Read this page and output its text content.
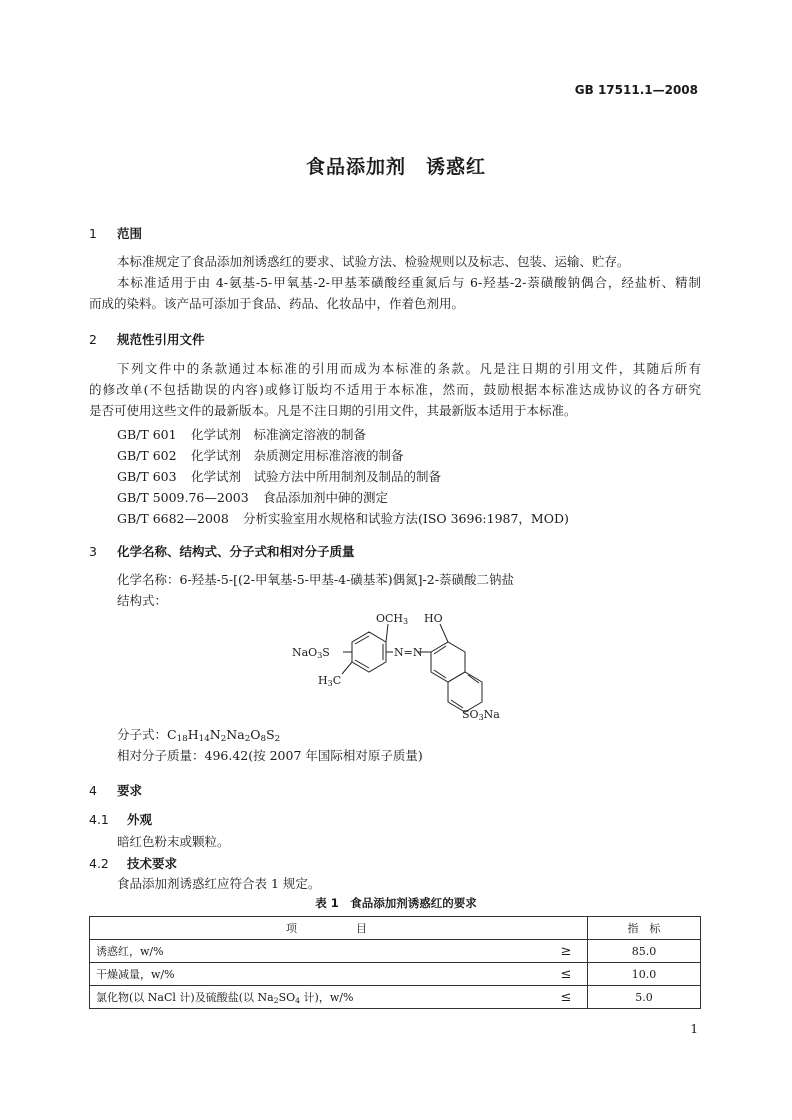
GB 17511.1—2008
食品添加剂　诱惑红
1 范围
本标准规定了食品添加剂诱惑红的要求、试验方法、检验规则以及标志、包装、运输、贮存。
本标准适用于由 4-氨基-5-甲氧基-2-甲基苯磺酸经重氮后与 6-羟基-2-萘磺酸钠偶合，经盐析、精制
而成的染料。该产品可添加于食品、药品、化妆品中，作着色剂用。
2 规范性引用文件
下列文件中的条款通过本标准的引用而成为本标准的条款。凡是注日期的引用文件，其随后所有
的修改单(不包括勘误的内容)或修订版均不适用于本标准，然而，鼓励根据本标准达成协议的各方研究
是否可使用这些文件的最新版本。凡是不注日期的引用文件，其最新版本适用于本标准。
GB/T 601 化学试剂　标准滴定溶液的制备
GB/T 602 化学试剂　杂质测定用标准溶液的制备
GB/T 603 化学试剂　试验方法中所用制剂及制品的制备
GB/T 5009.76—2003 食品添加剂中砷的测定
GB/T 6682—2008 分析实验室用水规格和试验方法(ISO 3696:1987，MOD)
3 化学名称、结构式、分子式和相对分子质量
化学名称：6-羟基-5-[(2-甲氧基-5-甲基-4-磺基苯)偶氮]-2-萘磺酸二钠盐
结构式：
OCH3 HO
NaO3S	N=N
H3C
SO3Na
分子式：$C_{18}H_{14}N_2Na_2O_8S_2$
相对分子质量：496.42(按 2007 年国际相对原子质量)
4 要求
4.1 外观
暗红色粉末或颗粒。
4.2 技术要求
食品添加剂诱惑红应符合表 1 规定。
表 1　食品添加剂诱惑红的要求
项　目		指　标
诱惑红，w/%	≥	85.0
干燥减量，w/%	≤	10.0
氯化物(以 NaCl 计)及硫酸盐(以 $Na_2SO_4$ 计)，w/%	≤	5.0
1
